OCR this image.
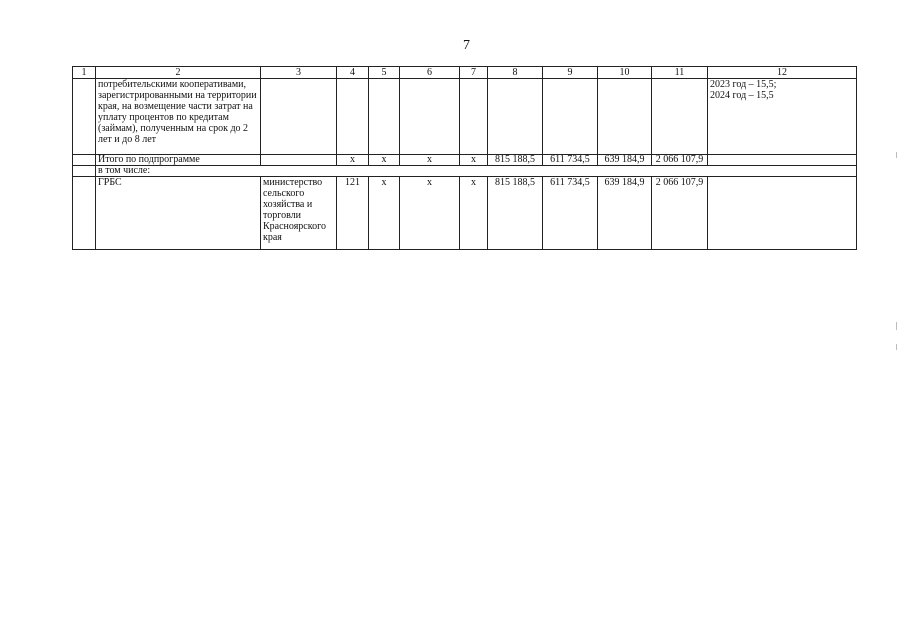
7
1	2	3	4	5	6	7	8	9	10	11	12
	потребительскими кооперативами, зарегистрированными на территории края, на возмещение части затрат на уплату процентов по кредитам (займам), полученным на срок до 2 лет и до 8 лет										2023 год – 15,5;
2024 год – 15,5

	Итого по подпрограмме		х	х	х	х	815 188,5	611 734,5	639 184,9	2 066 107,9	
	в том числе:										
	ГРБС	министерство сельского хозяйства и торговли Красноярского края	121	х	х	х	815 188,5	611 734,5	639 184,9	2 066 107,9	
